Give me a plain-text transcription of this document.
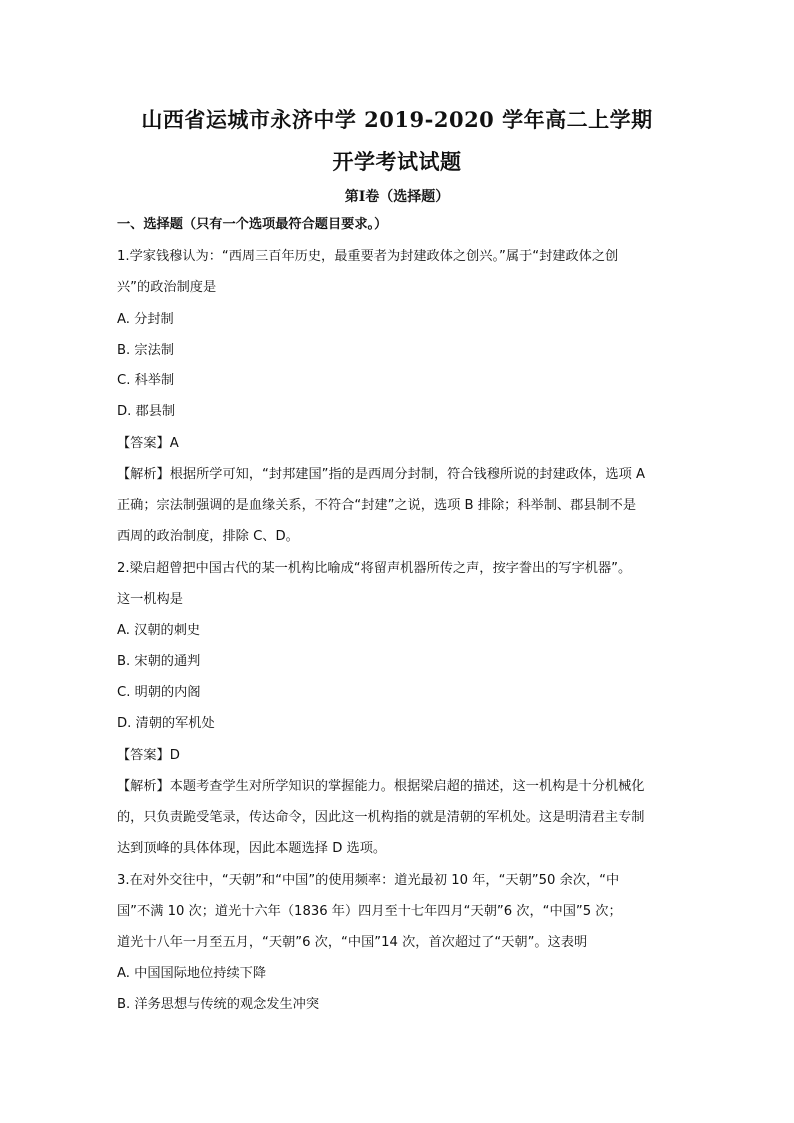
山西省运城市永济中学 2019-2020 学年高二上学期
开学考试试题
第Ⅰ卷（选择题）
一、选择题（只有一个选项最符合题目要求。）
1.学家钱穆认为：“西周三百年历史，最重要者为封建政体之创兴。”属于“封建政体之创
兴”的政治制度是
A. 分封制
B. 宗法制
C. 科举制
D. 郡县制
【答案】A
【解析】根据所学可知，“封邦建国”指的是西周分封制，符合钱穆所说的封建政体，选项 A
正确；宗法制强调的是血缘关系，不符合“封建”之说，选项 B 排除；科举制、郡县制不是
西周的政治制度，排除 C、D。
2.梁启超曾把中国古代的某一机构比喻成“将留声机器所传之声，按字誊出的写字机器”。
这一机构是
A. 汉朝的刺史
B. 宋朝的通判
C. 明朝的内阁
D. 清朝的军机处
【答案】D
【解析】本题考查学生对所学知识的掌握能力。根据梁启超的描述，这一机构是十分机械化
的，只负责跪受笔录，传达命令，因此这一机构指的就是清朝的军机处。这是明清君主专制
达到顶峰的具体体现，因此本题选择 D 选项。
3.在对外交往中，“天朝”和“中国”的使用频率：道光最初 10 年，“天朝”50 余次，“中
国”不满 10 次；道光十六年（1836 年）四月至十七年四月“天朝”6 次，“中国”5 次；
道光十八年一月至五月，“天朝”6 次，“中国”14 次，首次超过了“天朝”。这表明
A. 中国国际地位持续下降
B. 洋务思想与传统的观念发生冲突
